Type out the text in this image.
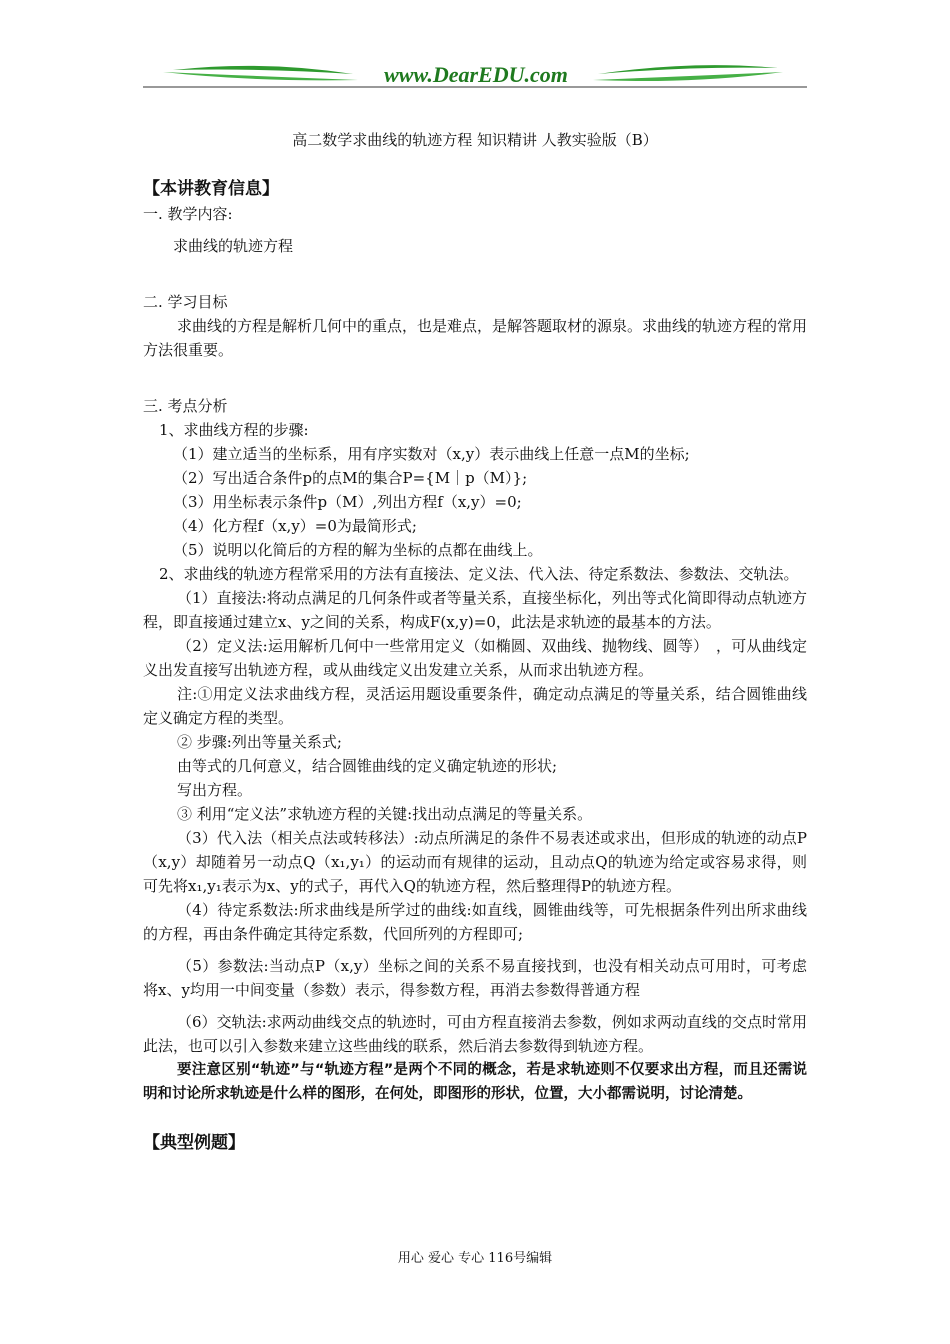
www.DearEDU.com
高二数学求曲线的轨迹方程 知识精讲 人教实验版（B）

【本讲教育信息】

一. 教学内容:

求曲线的轨迹方程

二. 学习目标

求曲线的方程是解析几何中的重点，也是难点，是解答题取材的源泉。求曲线的轨迹方程的常用方法很重要。

三. 考点分析

1、求曲线方程的步骤:

（1）建立适当的坐标系，用有序实数对（x,y）表示曲线上任意一点M的坐标;

（2）写出适合条件p的点M的集合P={M｜p（M）};

（3）用坐标表示条件p（M）,列出方程f（x,y）=0;

（4）化方程f（x,y）=0为最简形式;

（5）说明以化简后的方程的解为坐标的点都在曲线上。

2、求曲线的轨迹方程常采用的方法有直接法、定义法、代入法、待定系数法、参数法、交轨法。

（1）直接法:将动点满足的几何条件或者等量关系，直接坐标化，列出等式化简即得动点轨迹方程，即直接通过建立x、y之间的关系，构成F(x,y)=0，此法是求轨迹的最基本的方法。

（2）定义法:运用解析几何中一些常用定义（如椭圆、双曲线、抛物线、圆等）　，可从曲线定义出发直接写出轨迹方程，或从曲线定义出发建立关系，从而求出轨迹方程。

注:①用定义法求曲线方程，灵活运用题设重要条件，确定动点满足的等量关系，结合圆锥曲线定义确定方程的类型。

② 步骤:列出等量关系式;

由等式的几何意义，结合圆锥曲线的定义确定轨迹的形状;

写出方程。

③ 利用“定义法”求轨迹方程的关键:找出动点满足的等量关系。

（3）代入法（相关点法或转移法）:动点所满足的条件不易表述或求出，但形成的轨迹的动点P（x,y）却随着另一动点Q（x₁,y₁）的运动而有规律的运动，且动点Q的轨迹为给定或容易求得，则可先将x₁,y₁表示为x、y的式子，再代入Q的轨迹方程，然后整理得P的轨迹方程。

（4）待定系数法:所求曲线是所学过的曲线:如直线，圆锥曲线等，可先根据条件列出所求曲线的方程，再由条件确定其待定系数，代回所列的方程即可;

（5）参数法:当动点P（x,y）坐标之间的关系不易直接找到，也没有相关动点可用时，可考虑将x、y均用一中间变量（参数）表示，得参数方程，再消去参数得普通方程

（6）交轨法:求两动曲线交点的轨迹时，可由方程直接消去参数，例如求两动直线的交点时常用此法，也可以引入参数来建立这些曲线的联系，然后消去参数得到轨迹方程。

要注意区别“轨迹”与“轨迹方程”是两个不同的概念，若是求轨迹则不仅要求出方程，而且还需说明和讨论所求轨迹是什么样的图形，在何处，即图形的形状，位置，大小都需说明，讨论清楚。

【典型例题】

用心 爱心 专心 116号编辑
